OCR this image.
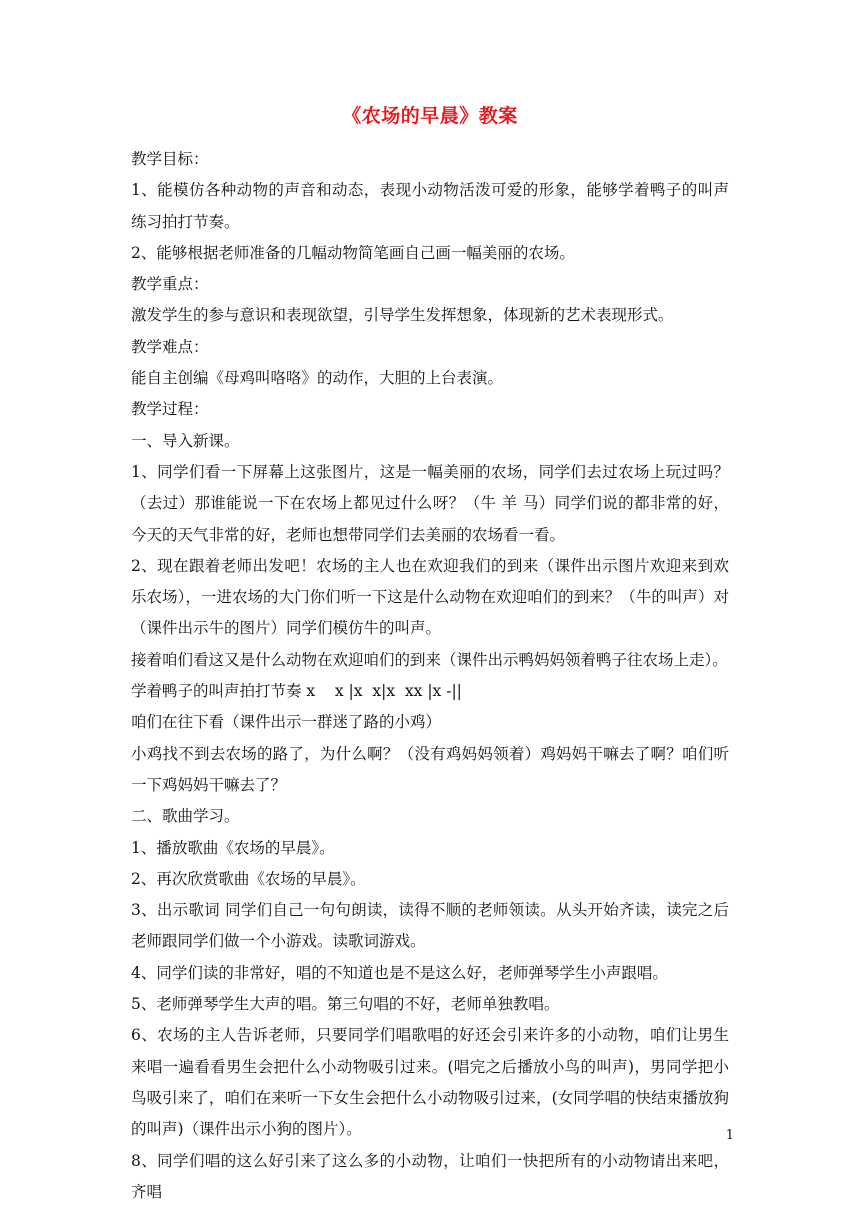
《农场的早晨》教案

教学目标：

1、能模仿各种动物的声音和动态，表现小动物活泼可爱的形象，能够学着鸭子的叫声练习拍打节奏。

2、能够根据老师准备的几幅动物简笔画自己画一幅美丽的农场。

教学重点：

激发学生的参与意识和表现欲望，引导学生发挥想象，体现新的艺术表现形式。

教学难点：

能自主创编《母鸡叫咯咯》的动作，大胆的上台表演。

教学过程：

一、导入新课。

1、同学们看一下屏幕上这张图片，这是一幅美丽的农场，同学们去过农场上玩过吗？（去过）那谁能说一下在农场上都见过什么呀？（牛 羊 马）同学们说的都非常的好，今天的天气非常的好，老师也想带同学们去美丽的农场看一看。

2、现在跟着老师出发吧！农场的主人也在欢迎我们的到来（课件出示图片欢迎来到欢乐农场），一进农场的大门你们听一下这是什么动物在欢迎咱们的到来？（牛的叫声）对（课件出示牛的图片）同学们模仿牛的叫声。

接着咱们看这又是什么动物在欢迎咱们的到来（课件出示鸭妈妈领着鸭子往农场上走）。

学着鸭子的叫声拍打节奏 x    x |x  x|x  xx |x -||

咱们在往下看（课件出示一群迷了路的小鸡）

小鸡找不到去农场的路了，为什么啊？（没有鸡妈妈领着）鸡妈妈干嘛去了啊？咱们听一下鸡妈妈干嘛去了？

二、歌曲学习。

1、播放歌曲《农场的早晨》。

2、再次欣赏歌曲《农场的早晨》。

3、出示歌词 同学们自己一句句朗读，读得不顺的老师领读。从头开始齐读，读完之后老师跟同学们做一个小游戏。读歌词游戏。

4、同学们读的非常好，唱的不知道也是不是这么好，老师弹琴学生小声跟唱。

5、老师弹琴学生大声的唱。第三句唱的不好，老师单独教唱。

6、农场的主人告诉老师，只要同学们唱歌唱的好还会引来许多的小动物，咱们让男生来唱一遍看看男生会把什么小动物吸引过来。(唱完之后播放小鸟的叫声)，男同学把小鸟吸引来了，咱们在来听一下女生会把什么小动物吸引过来，(女同学唱的快结束播放狗的叫声)（课件出示小狗的图片）。

8、同学们唱的这么好引来了这么多的小动物，让咱们一快把所有的小动物请出来吧，齐唱

1
